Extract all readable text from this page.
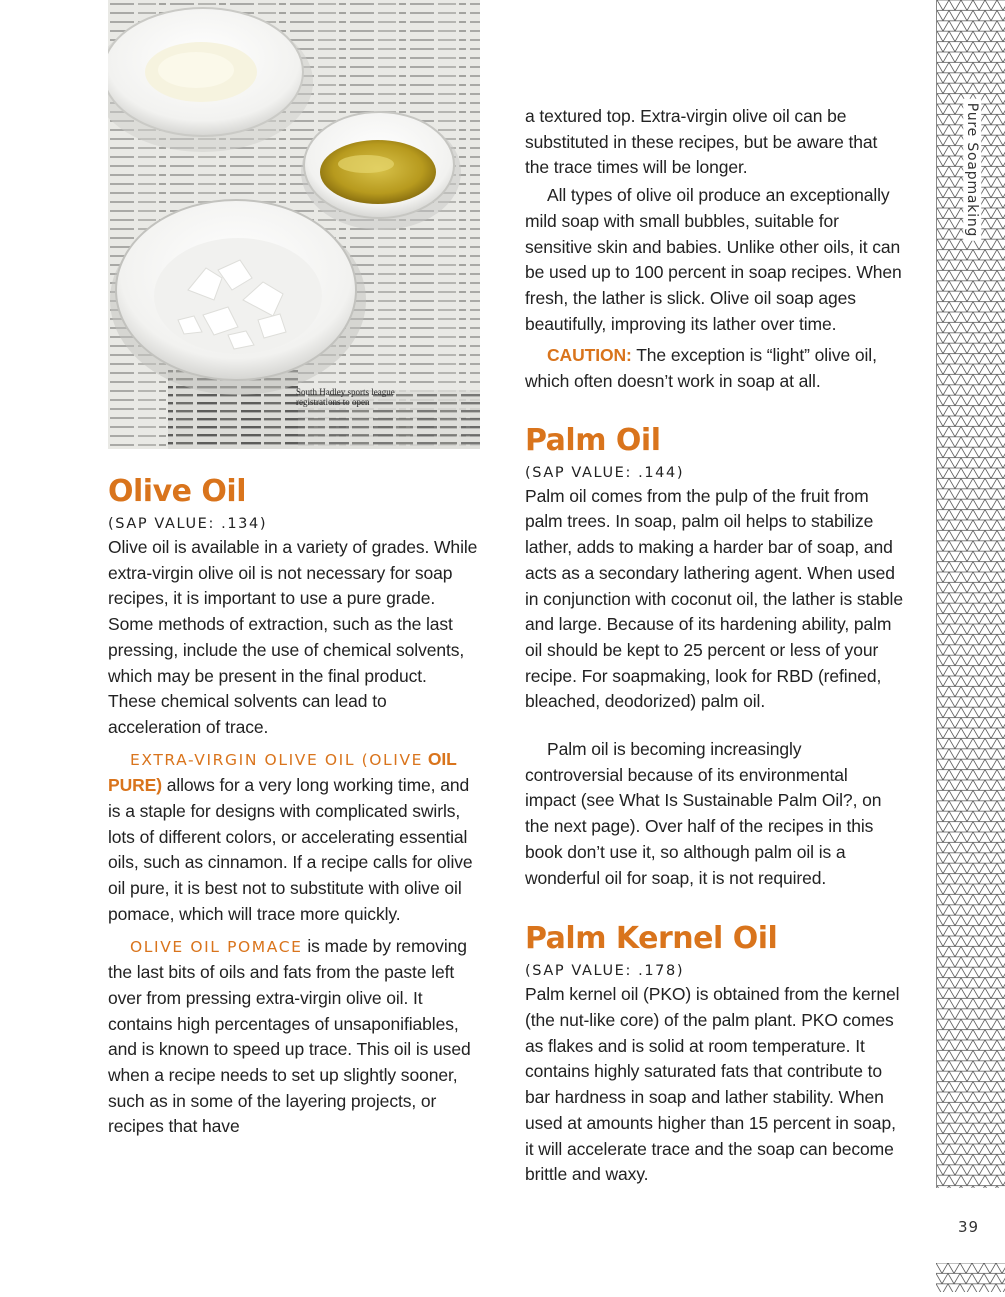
South Hadley sports league
registrations to open
Olive Oil
(SAP VALUE: .134)

Olive oil is available in a variety of grades. While extra-virgin olive oil is not necessary for soap recipes, it is important to use a pure grade. Some methods of extraction, such as the last pressing, include the use of chemical solvents, which may be present in the final product. These chemical solvents can lead to acceleration of trace.

EXTRA-VIRGIN OLIVE OIL (OLIVE OIL PURE) allows for a very long working time, and is a staple for designs with complicated swirls, lots of different colors, or accelerating essential oils, such as cinnamon. If a recipe calls for olive oil pure, it is best not to substitute with olive oil pomace, which will trace more quickly.

OLIVE OIL POMACE is made by removing the last bits of oils and fats from the paste left over from pressing extra-virgin olive oil. It contains high percentages of unsaponifiables, and is known to speed up trace. This oil is used when a recipe needs to set up slightly sooner, such as in some of the layering projects, or recipes that have

a textured top. Extra-virgin olive oil can be substituted in these recipes, but be aware that the trace times will be longer.

All types of olive oil produce an exceptionally mild soap with small bubbles, suitable for sensitive skin and babies. Unlike other oils, it can be used up to 100 percent in soap recipes. When fresh, the lather is slick. Olive oil soap ages beautifully, improving its lather over time.

CAUTION: The exception is “light” olive oil, which often doesn’t work in soap at all.

Palm Oil
(SAP VALUE: .144)

Palm oil comes from the pulp of the fruit from palm trees. In soap, palm oil helps to stabilize lather, adds to making a harder bar of soap, and acts as a secondary lathering agent. When used in conjunction with coconut oil, the lather is stable and large. Because of its hardening ability, palm oil should be kept to 25 percent or less of your recipe. For soapmaking, look for RBD (refined, bleached, deodorized) palm oil.

Palm oil is becoming increasingly controversial because of its environmental impact (see What Is Sustainable Palm Oil?, on the next page). Over half of the recipes in this book don’t use it, so although palm oil is a wonderful oil for soap, it is not required.

Palm Kernel Oil
(SAP VALUE: .178)

Palm kernel oil (PKO) is obtained from the kernel (the nut-like core) of the palm plant. PKO comes as flakes and is solid at room temperature. It contains highly saturated fats that contribute to bar hardness in soap and lather stability. When used at amounts higher than 15 percent in soap, it will accelerate trace and the soap can become brittle and waxy.

Pure Soapmaking
39
